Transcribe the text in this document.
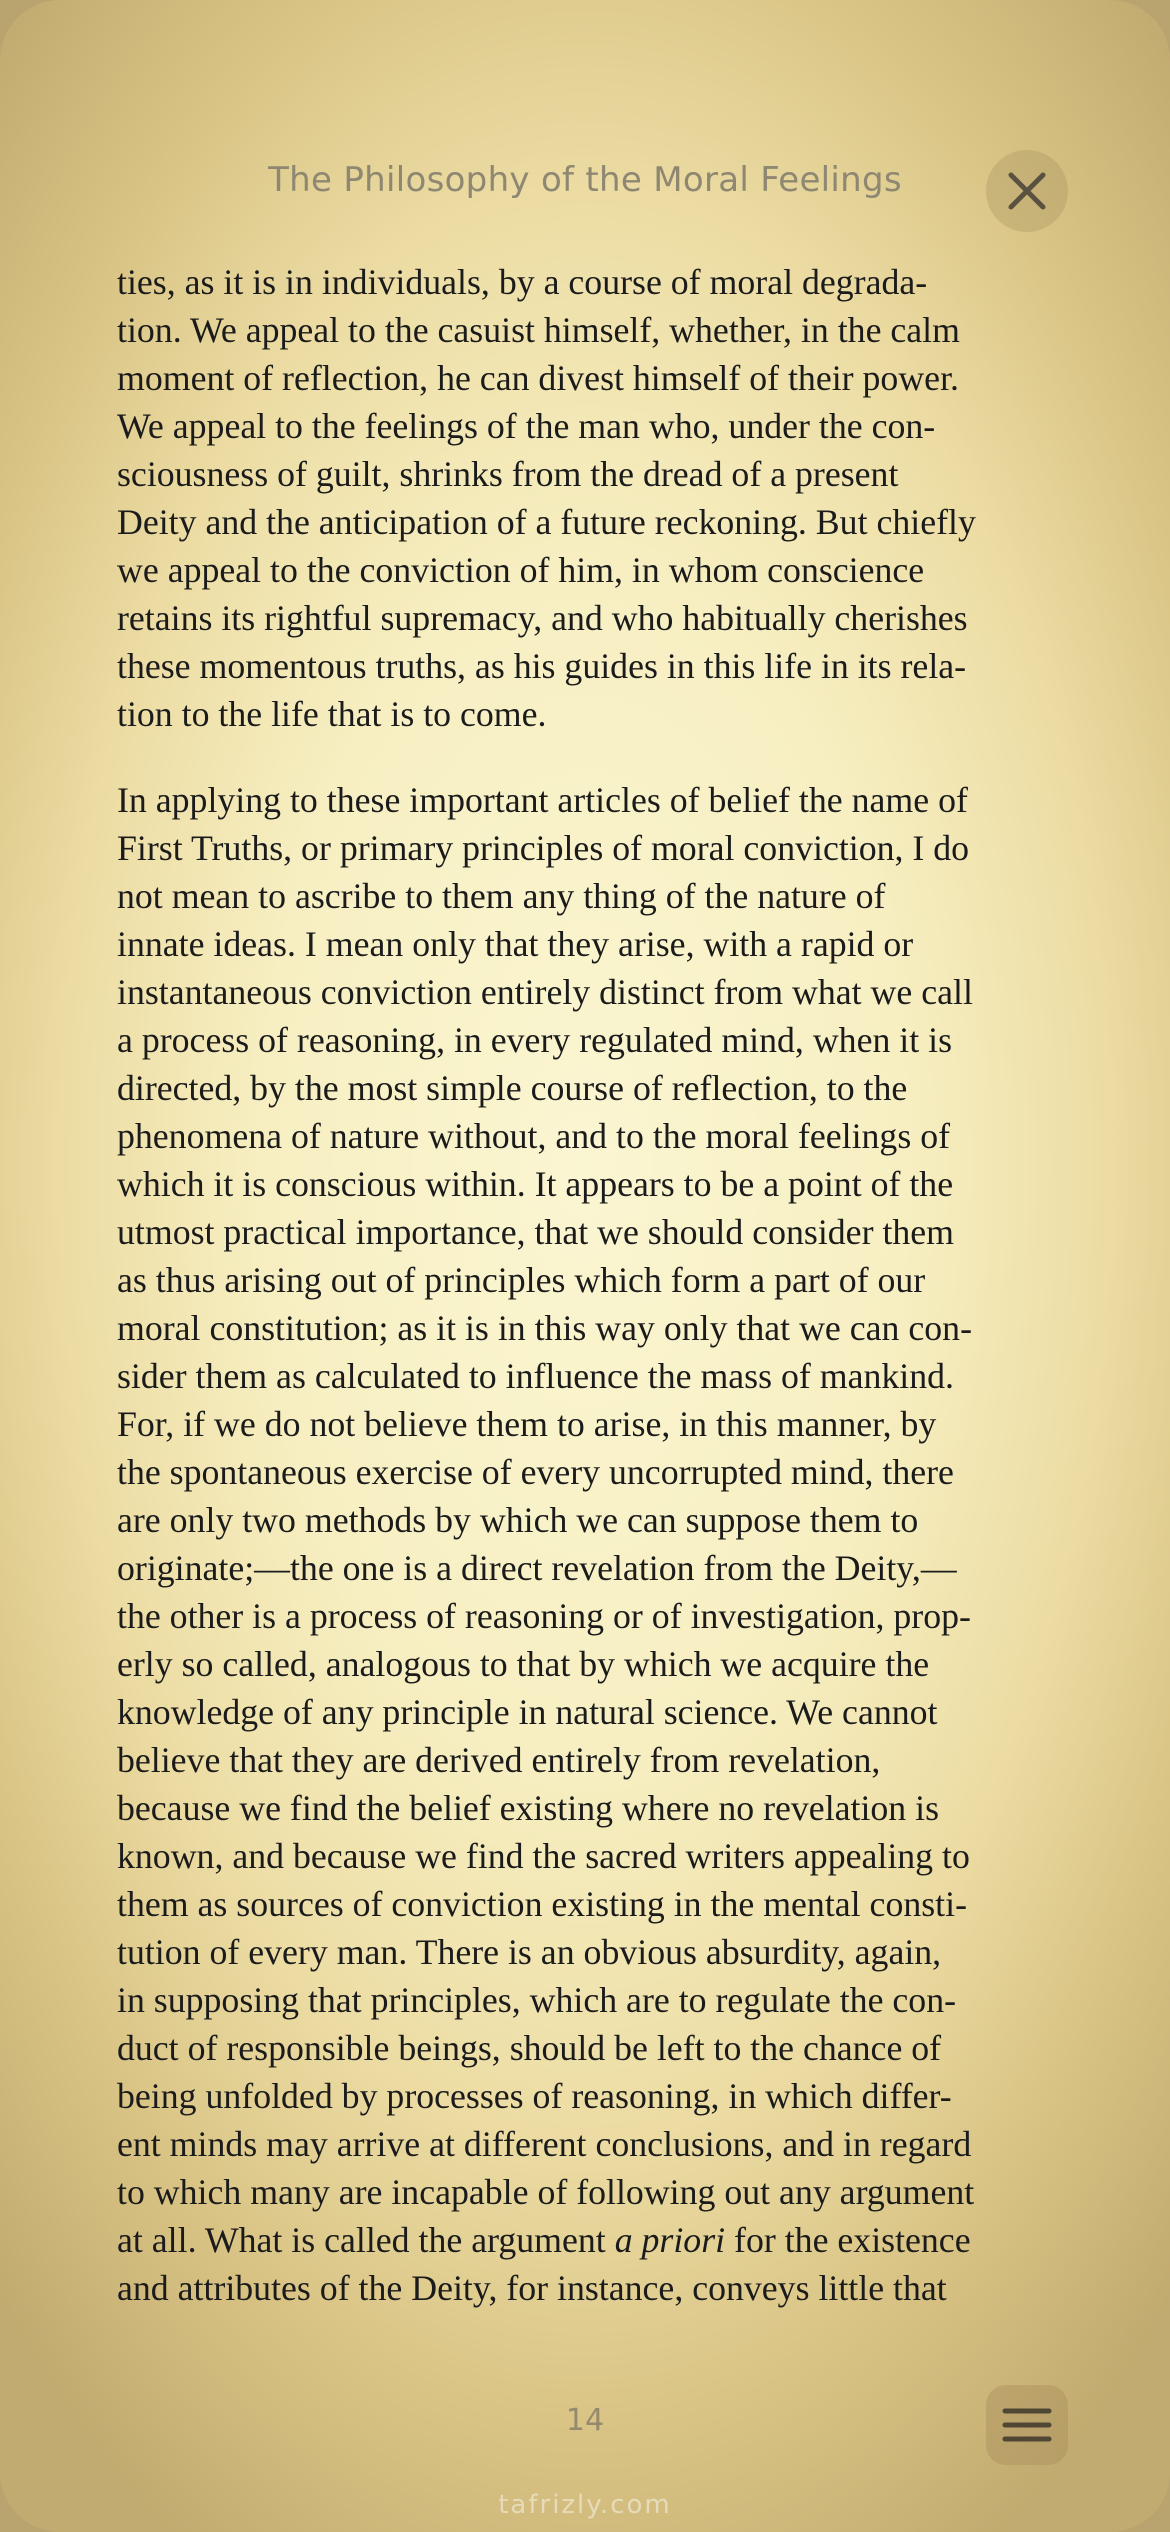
The Philosophy of the Moral Feelings
ties, as it is in individuals, by a course of moral degrada-
tion. We appeal to the casuist himself, whether, in the calm
moment of reflection, he can divest himself of their power.
We appeal to the feelings of the man who, under the con-
sciousness of guilt, shrinks from the dread of a present
Deity and the anticipation of a future reckoning. But chiefly
we appeal to the conviction of him, in whom conscience
retains its rightful supremacy, and who habitually cherishes
these momentous truths, as his guides in this life in its rela-
tion to the life that is to come.
In applying to these important articles of belief the name of
First Truths, or primary principles of moral conviction, I do
not mean to ascribe to them any thing of the nature of
innate ideas. I mean only that they arise, with a rapid or
instantaneous conviction entirely distinct from what we call
a process of reasoning, in every regulated mind, when it is
directed, by the most simple course of reflection, to the
phenomena of nature without, and to the moral feelings of
which it is conscious within. It appears to be a point of the
utmost practical importance, that we should consider them
as thus arising out of principles which form a part of our
moral constitution; as it is in this way only that we can con-
sider them as calculated to influence the mass of mankind.
For, if we do not believe them to arise, in this manner, by
the spontaneous exercise of every uncorrupted mind, there
are only two methods by which we can suppose them to
originate;—the one is a direct revelation from the Deity,—
the other is a process of reasoning or of investigation, prop-
erly so called, analogous to that by which we acquire the
knowledge of any principle in natural science. We cannot
believe that they are derived entirely from revelation,
because we find the belief existing where no revelation is
known, and because we find the sacred writers appealing to
them as sources of conviction existing in the mental consti-
tution of every man. There is an obvious absurdity, again,
in supposing that principles, which are to regulate the con-
duct of responsible beings, should be left to the chance of
being unfolded by processes of reasoning, in which differ-
ent minds may arrive at different conclusions, and in regard
to which many are incapable of following out any argument
at all. What is called the argument a priori for the existence
and attributes of the Deity, for instance, conveys little that
14
tafrizly.com
